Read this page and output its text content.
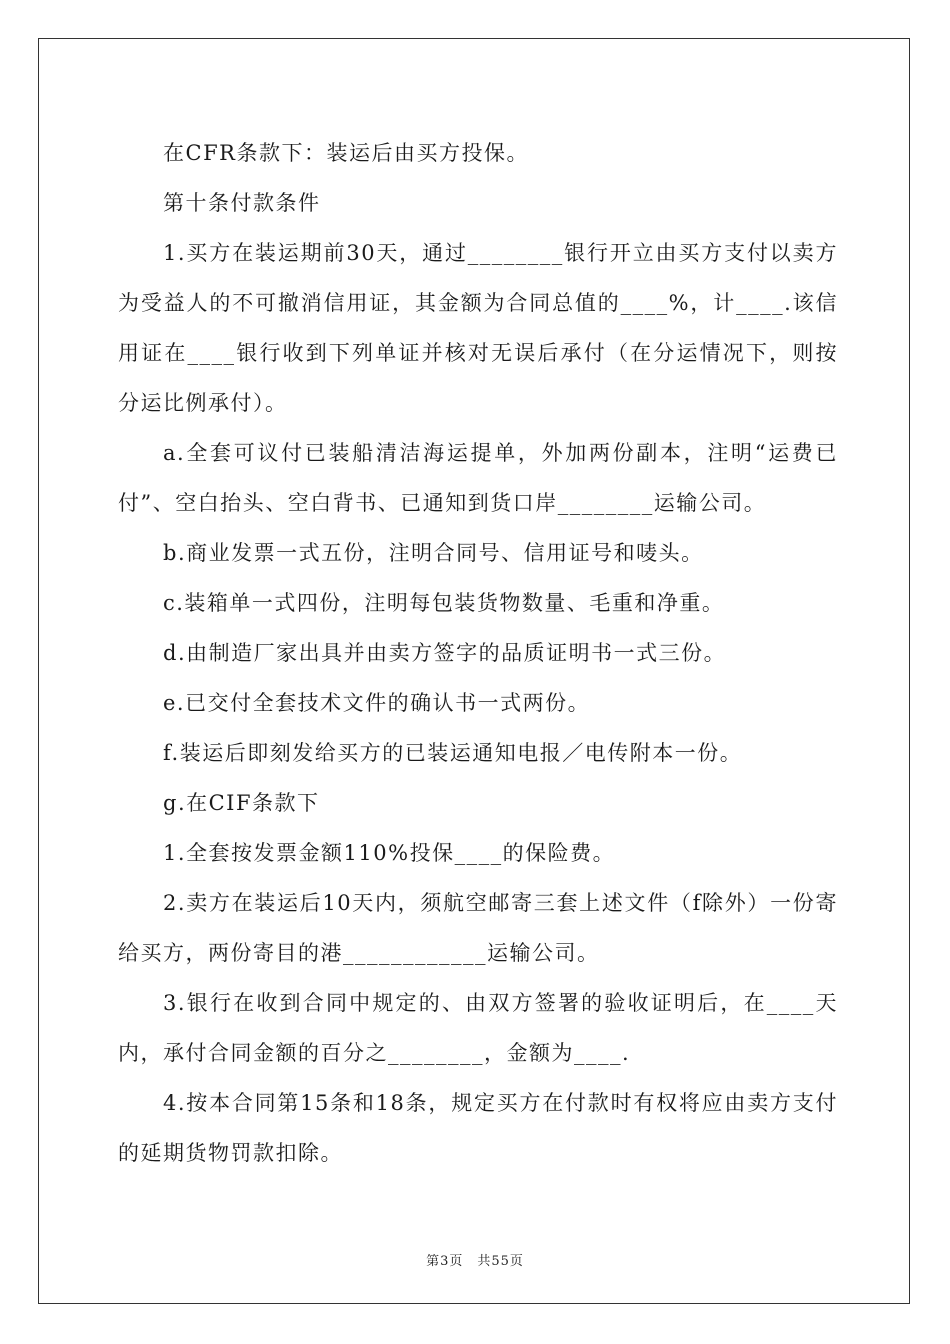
在CFR条款下：装运后由买方投保。

第十条付款条件

1.买方在装运期前30天，通过________银行开立由买方支付以卖方为受益人的不可撤消信用证，其金额为合同总值的____%，计____.该信用证在____银行收到下列单证并核对无误后承付（在分运情况下，则按分运比例承付）。

a.全套可议付已装船清洁海运提单，外加两份副本，注明“运费已付”、空白抬头、空白背书、已通知到货口岸________运输公司。

b.商业发票一式五份，注明合同号、信用证号和唛头。

c.装箱单一式四份，注明每包装货物数量、毛重和净重。

d.由制造厂家出具并由卖方签字的品质证明书一式三份。

e.已交付全套技术文件的确认书一式两份。

f.装运后即刻发给买方的已装运通知电报／电传附本一份。

g.在CIF条款下

1.全套按发票金额110%投保____的保险费。

2.卖方在装运后10天内，须航空邮寄三套上述文件（f除外）一份寄给买方，两份寄目的港____________运输公司。

3.银行在收到合同中规定的、由双方签署的验收证明后，在____天内，承付合同金额的百分之________，金额为____.

4.按本合同第15条和18条，规定买方在付款时有权将应由卖方支付的延期货物罚款扣除。

第3页　共55页
